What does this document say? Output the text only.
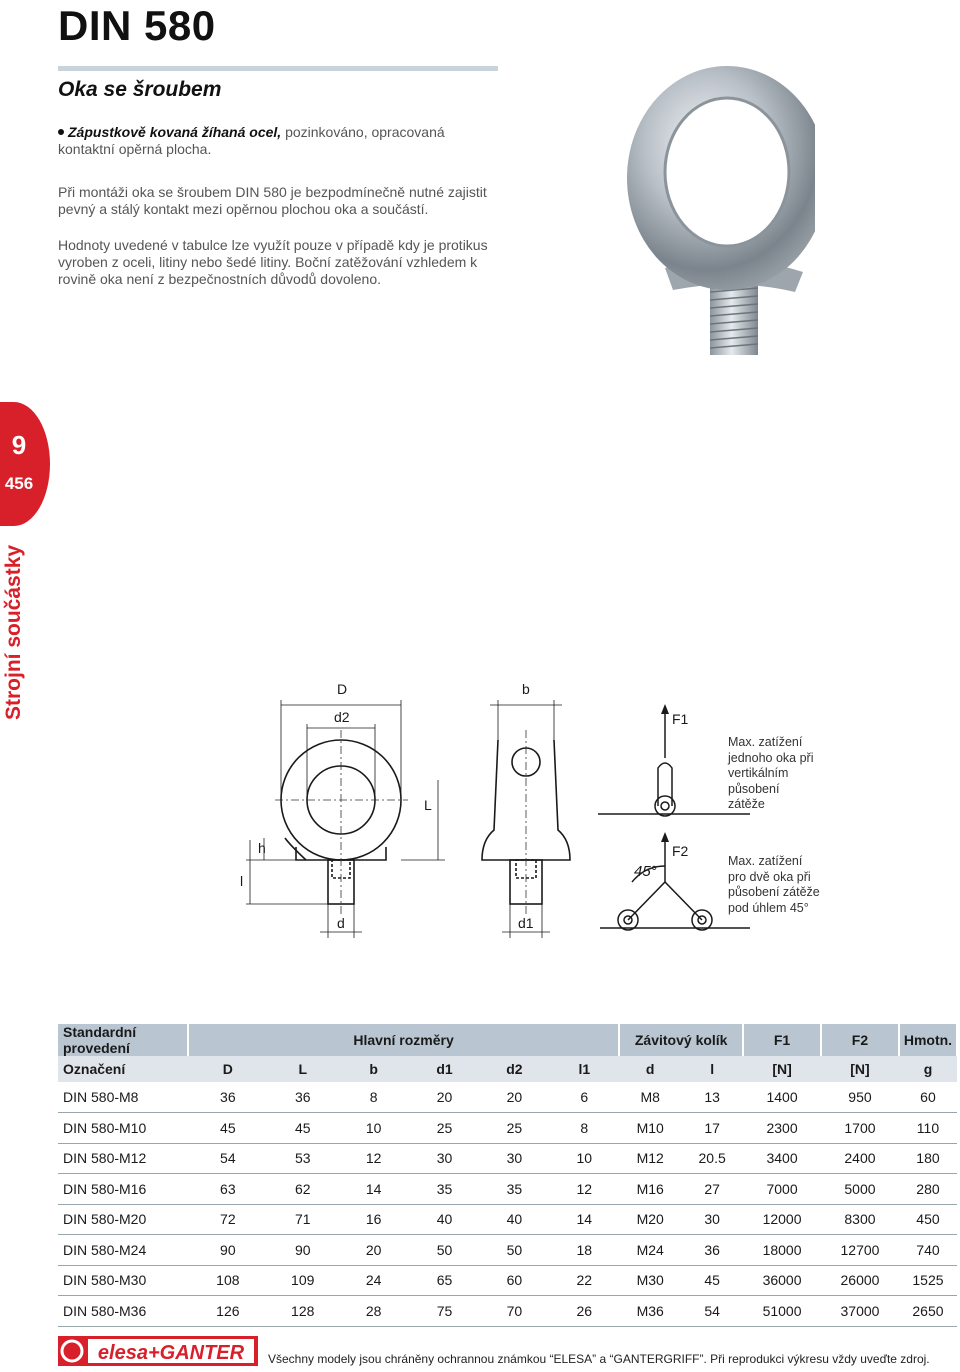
DIN 580
Oka se šroubem
Zápustkově kovaná žíhaná ocel, pozinkováno, opracovaná kontaktní opěrná plocha.
Při montáži oka se šroubem DIN 580 je bezpodmínečně nutné zajistit pevný a stálý kontakt mezi opěrnou plochou oka a součástí.
Hodnoty uvedené v tabulce lze využít pouze v případě kdy je protikus vyroben z oceli, litiny nebo šedé litiny. Boční zatěžování vzhledem k rovině oka není z bezpečnostních důvodů dovoleno.
9
456
Strojní součástky	D
d2
L
h
l
d
b
d1
F1
F2
45°
Max. zatížení jednoho oka při vertikálním působení zátěže
Max. zatížení pro dvě oka při působení zátěže pod úhlem 45°
Standardní provedení	Hlavní rozměry						Závitový kolík		F1	F2	Hmotn.
Označení	D	L	b	d1	d2	l1	d	l	[N]	[N]	g
DIN 580-M8	36	36	8	20	20	6	M8	13	1400	950	60
DIN 580-M10	45	45	10	25	25	8	M10	17	2300	1700	110
DIN 580-M12	54	53	12	30	30	10	M12	20.5	3400	2400	180
DIN 580-M16	63	62	14	35	35	12	M16	27	7000	5000	280
DIN 580-M20	72	71	16	40	40	14	M20	30	12000	8300	450
DIN 580-M24	90	90	20	50	50	18	M24	36	18000	12700	740
DIN 580-M30	108	109	24	65	60	22	M30	45	36000	26000	1525
DIN 580-M36	126	128	28	75	70	26	M36	54	51000	37000	2650
elesa+GANTER Všechny modely jsou chráněny ochrannou známkou “ELESA” a “GANTERGRIFF”. Při reprodukci výkresu vždy uveďte zdroj.
